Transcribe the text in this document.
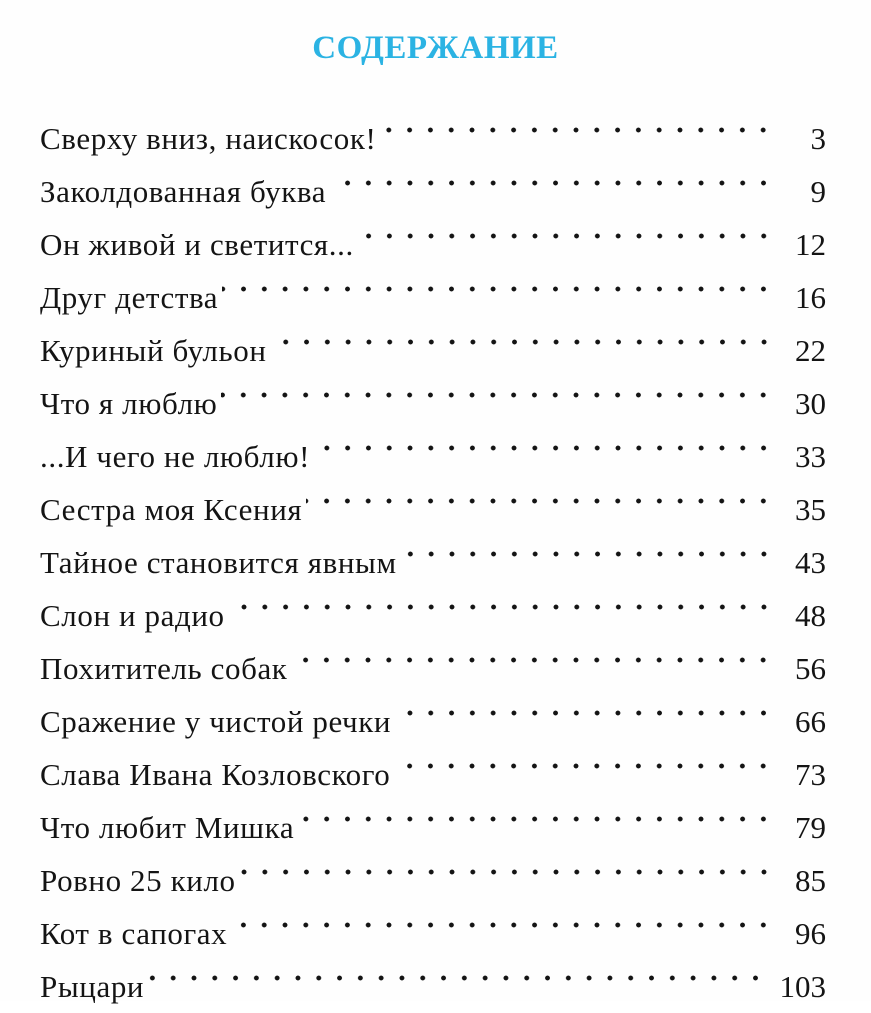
СОДЕРЖАНИЕ
Сверху вниз, наискосок!	3
Заколдованная буква	9
Он живой и светится...	12
Друг детства	16
Куриный бульон	22
Что я люблю	30
...И чего не люблю!	33
Сестра моя Ксения	35
Тайное становится явным	43
Слон и радио	48
Похититель собак	56
Сражение у чистой речки	66
Слава Ивана Козловского	73
Что любит Мишка	79
Ровно 25 кило	85
Кот в сапогах	96
Рыцари	103
